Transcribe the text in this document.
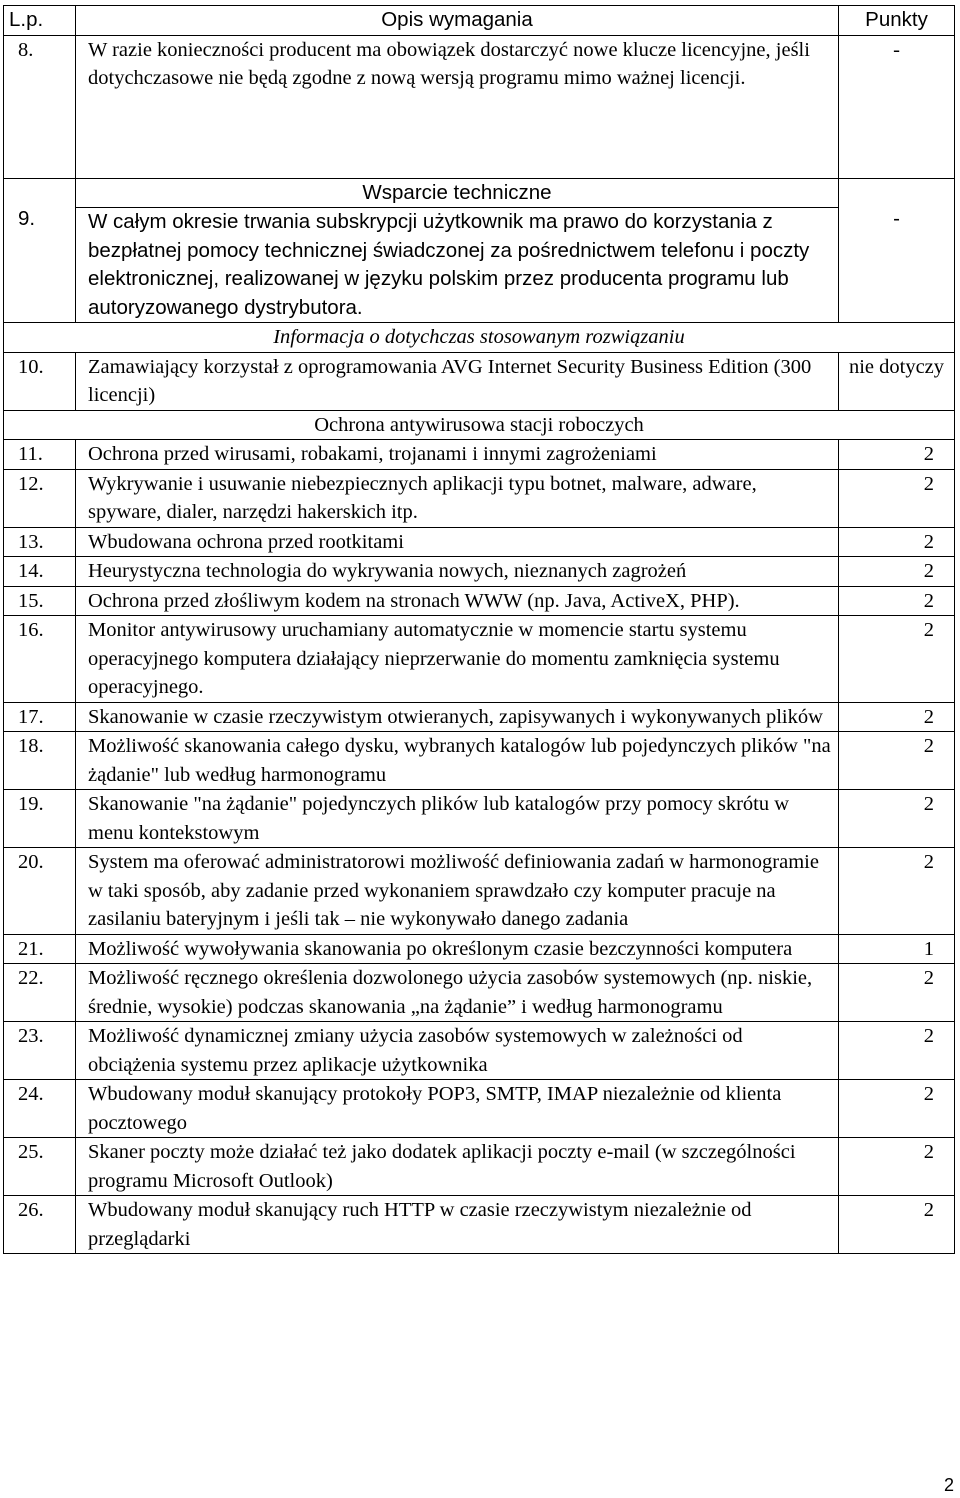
L.p.	Opis wymagania	Punkty
8.	W razie konieczności producent ma obowiązek dostarczyć nowe klucze licencyjne, jeśli dotychczasowe nie będą zgodne z nową wersją programu mimo ważnej licencji.	-
9.	Wsparcie techniczne	-
	W całym okresie trwania subskrypcji użytkownik ma prawo do korzystania z bezpłatnej pomocy technicznej świadczonej za pośrednictwem telefonu i poczty elektronicznej, realizowanej w języku polskim przez producenta programu lub autoryzowanego dystrybutora.	
Informacja o dotychczas stosowanym rozwiązaniu		
10.	Zamawiający korzystał z oprogramowania AVG Internet Security Business Edition (300 licencji)	nie dotyczy
Ochrona antywirusowa stacji roboczych		
11.	Ochrona przed wirusami, robakami, trojanami i innymi zagrożeniami	2
12.	Wykrywanie i usuwanie niebezpiecznych aplikacji typu botnet, malware, adware, spyware, dialer, narzędzi hakerskich itp.	2
13.	Wbudowana ochrona przed rootkitami	2
14.	Heurystyczna technologia do wykrywania nowych, nieznanych zagrożeń	2
15.	Ochrona przed złośliwym kodem na stronach WWW (np. Java, ActiveX, PHP).	2
16.	Monitor antywirusowy uruchamiany automatycznie w momencie startu systemu operacyjnego komputera działający nieprzerwanie do momentu zamknięcia systemu operacyjnego.	2
17.	Skanowanie w czasie rzeczywistym otwieranych, zapisywanych i wykonywanych plików	2
18.	Możliwość skanowania całego dysku, wybranych katalogów lub pojedynczych plików "na żądanie" lub według harmonogramu	2
19.	Skanowanie "na żądanie" pojedynczych plików lub katalogów przy pomocy skrótu w menu kontekstowym	2
20.	System ma oferować administratorowi możliwość definiowania zadań w harmonogramie w taki sposób, aby zadanie przed wykonaniem sprawdzało czy komputer pracuje na zasilaniu bateryjnym i jeśli tak – nie wykonywało danego zadania	2
21.	Możliwość wywoływania skanowania po określonym czasie bezczynności komputera	1
22.	Możliwość ręcznego określenia dozwolonego użycia zasobów systemowych (np. niskie, średnie, wysokie) podczas skanowania „na żądanie” i według harmonogramu	2
23.	Możliwość dynamicznej zmiany użycia zasobów systemowych w zależności od obciążenia systemu przez aplikacje użytkownika	2
24.	Wbudowany moduł skanujący protokoły POP3, SMTP, IMAP niezależnie od klienta pocztowego	2
25.	Skaner poczty może działać też jako dodatek aplikacji poczty e-mail (w szczególności programu Microsoft Outlook)	2
26.	Wbudowany moduł skanujący ruch HTTP w czasie rzeczywistym niezależnie od przeglądarki	2
2
